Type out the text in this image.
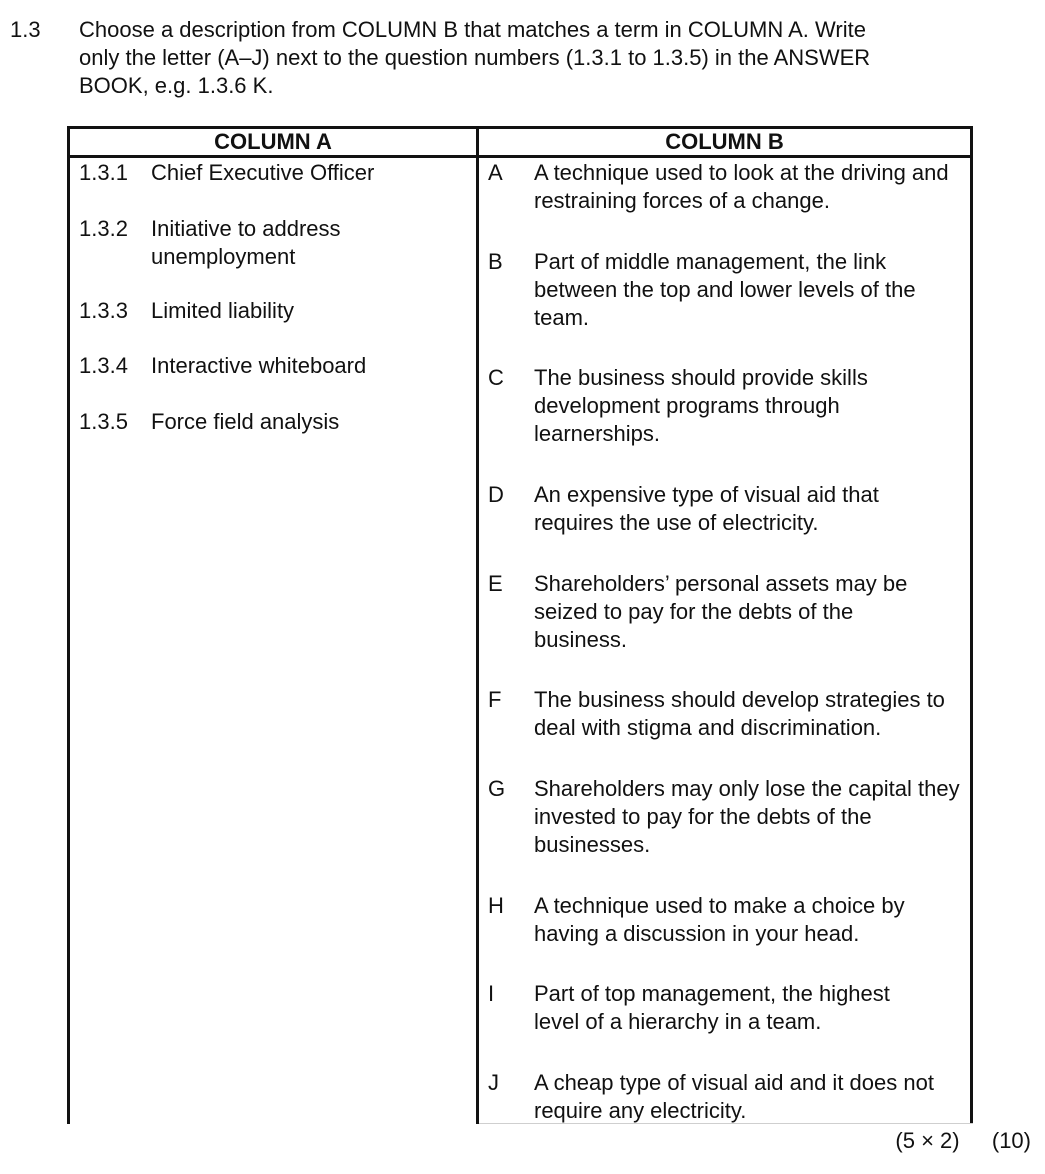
1.3 Choose a description from COLUMN B that matches a term in COLUMN A. Write
only the letter (A–J) next to the question numbers (1.3.1 to 1.3.5) in the ANSWER
BOOK, e.g. 1.3.6 K.
COLUMN A	COLUMN B
1.3.1 Chief Executive Officer
1.3.2 Initiative to address unemployment
1.3.3 Limited liability
1.3.4 Interactive whiteboard
1.3.5 Force field analysis
A A technique used to look at the driving and restraining forces of a change.
B Part of middle management, the link between the top and lower levels of the team.
C The business should provide skills development programs through learnerships.
D An expensive type of visual aid that requires the use of electricity.
E Shareholders’ personal assets may be seized to pay for the debts of the business.
F The business should develop strategies to deal with stigma and discrimination.
G Shareholders may only lose the capital they invested to pay for the debts of the businesses.
H A technique used to make a choice by having a discussion in your head.
I Part of top management, the highest level of a hierarchy in a team.
J A cheap type of visual aid and it does not require any electricity.
(5 × 2) (10)
